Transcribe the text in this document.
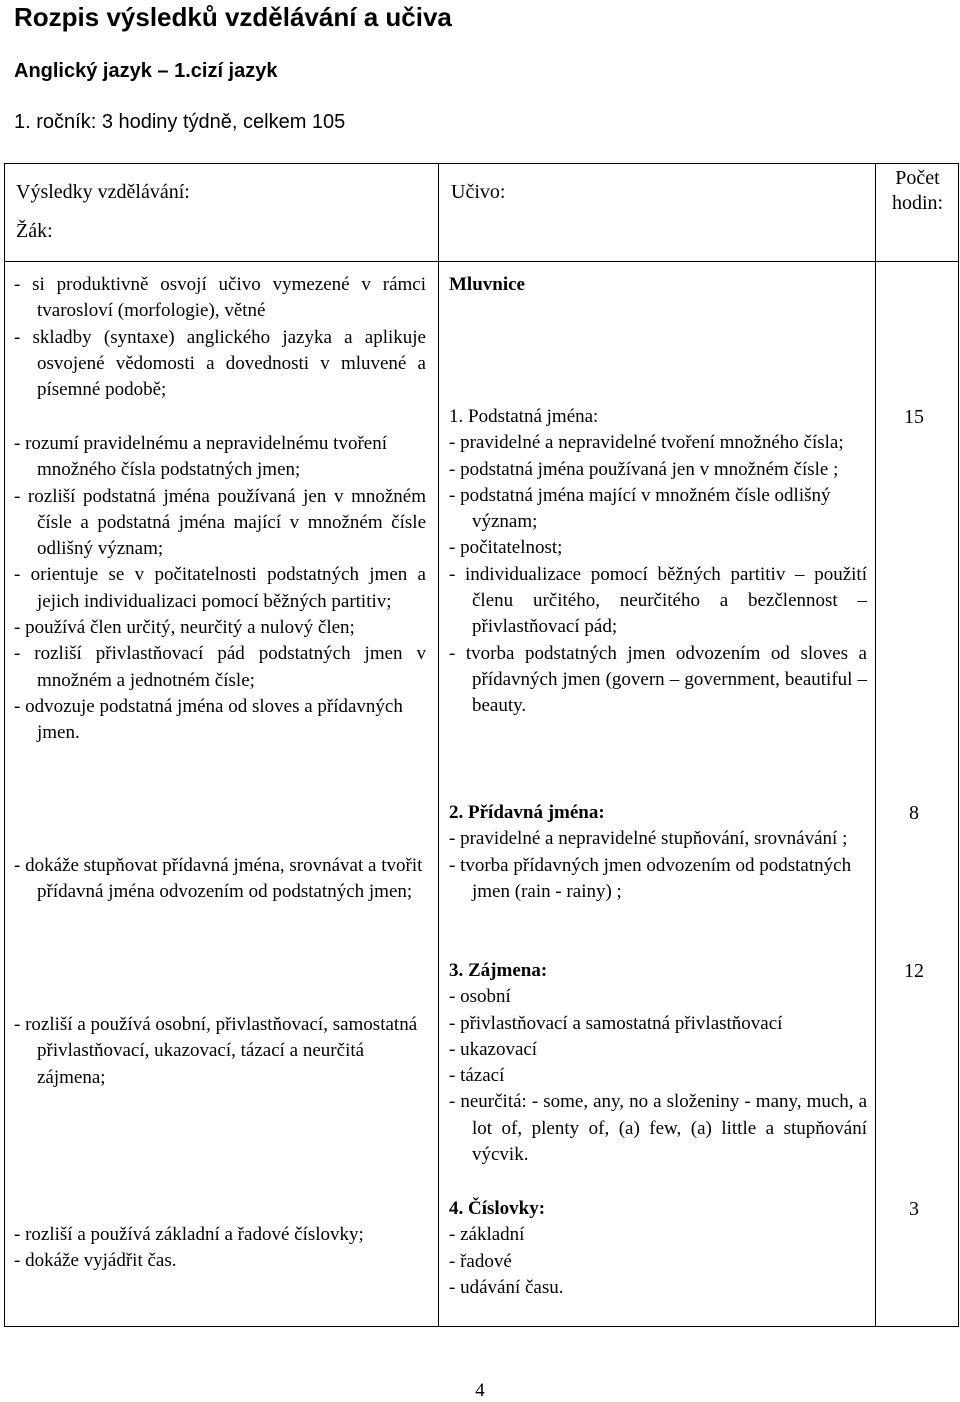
Rozpis výsledků vzdělávání a učiva
Anglický jazyk – 1.cizí jazyk
1. ročník: 3 hodiny týdně, celkem 105
Výsledky vzdělávání:
Žák:
Učivo:
Počet hodin:
- si produktivně osvojí učivo vymezené v rámci tvarosloví (morfologie), větné
- skladby (syntaxe) anglického jazyka a aplikuje osvojené vědomosti a dovednosti v mluvené a písemné podobě;
Mluvnice
- rozumí pravidelnému a nepravidelnému tvoření množného čísla podstatných jmen;
- rozliší podstatná jména používaná jen v množném čísle a podstatná jména mající v množném čísle odlišný význam;
- orientuje se v počitatelnosti podstatných jmen a jejich individualizaci pomocí běžných partitiv;
- používá člen určitý, neurčitý a nulový člen;
- rozliší přivlastňovací pád podstatných jmen v množném a jednotném čísle;
- odvozuje podstatná jména od sloves a přídavných jmen.
1. Podstatná jména:
- pravidelné a nepravidelné tvoření množného čísla;
- podstatná jména používaná jen v množném čísle ;
- podstatná jména mající v množném čísle odlišný význam;
- počitatelnost;
- individualizace pomocí běžných partitiv – použití členu určitého, neurčitého a bezčlennost – přivlastňovací pád;
- tvorba podstatných jmen odvozením od sloves a přídavných jmen (govern – government, beautiful – beauty.
15
- dokáže stupňovat přídavná jména, srovnávat a tvořit přídavná jména odvozením od podstatných jmen;
2. Přídavná jména:
- pravidelné a nepravidelné stupňování, srovnávání ;
- tvorba přídavných jmen odvozením od podstatných jmen (rain - rainy) ;
8
- rozliší a používá osobní, přivlastňovací, samostatná přivlastňovací, ukazovací, tázací a neurčitá zájmena;
3. Zájmena:
- osobní
- přivlastňovací a samostatná přivlastňovací
- ukazovací
- tázací
- neurčitá: - some, any, no a složeniny - many, much, a lot of, plenty of, (a) few, (a) little a stupňování výcvik.
12
- rozliší a používá základní a řadové číslovky;
- dokáže vyjádřit čas.
4. Číslovky:
- základní
- řadové
- udávání času.
3
4
